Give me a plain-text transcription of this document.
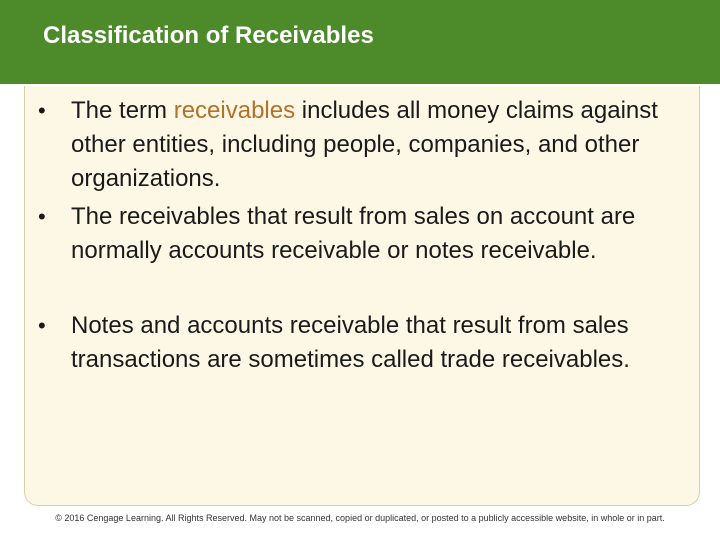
Classification of Receivables
• The term receivables includes all money claims against other entities, including people, companies, and other organizations.
• The receivables that result from sales on account are normally accounts receivable or notes receivable.
• Notes and accounts receivable that result from sales transactions are sometimes called trade receivables.
© 2016 Cengage Learning. All Rights Reserved. May not be scanned, copied or duplicated, or posted to a publicly accessible website, in whole or in part.
